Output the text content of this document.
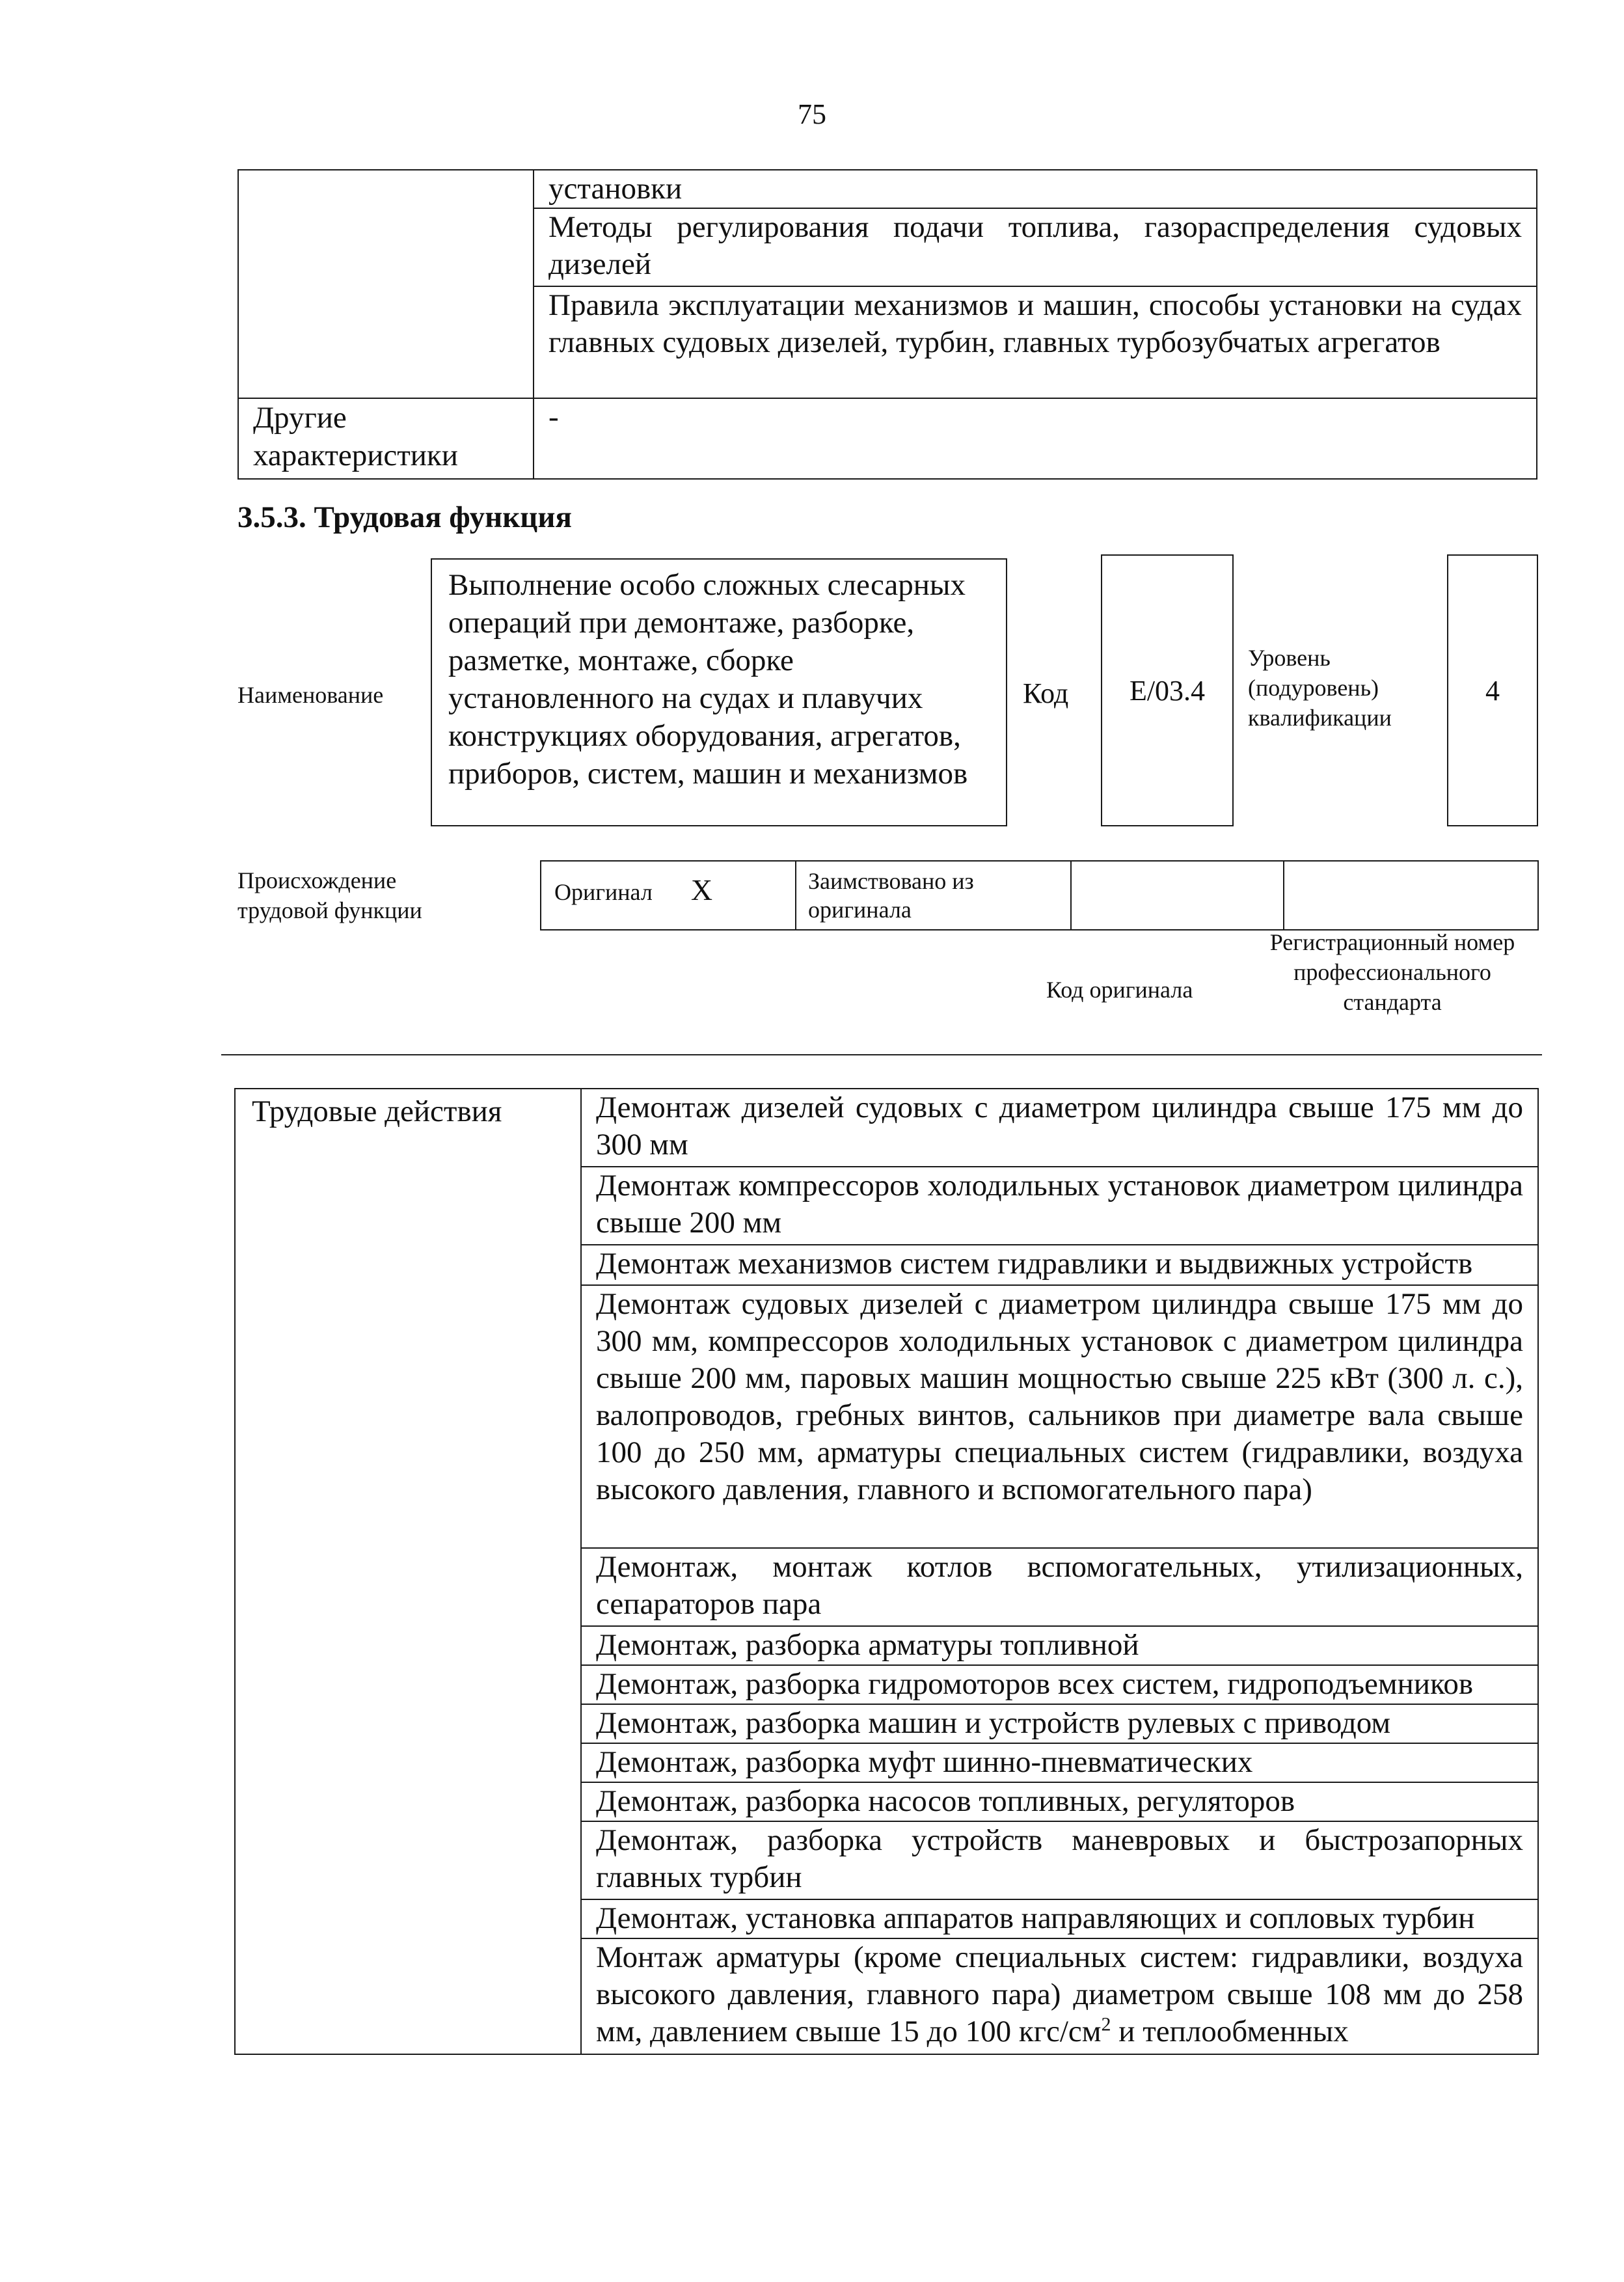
75
	установки
	Методы регулирования подачи топлива, газораспределения судовых дизелей
	Правила эксплуатации механизмов и машин, способы установки на судах главных судовых дизелей, турбин, главных турбозубчатых агрегатов
Другие характеристики	-
3.5.3. Трудовая функция
Наименование
Выполнение особо сложных слесарных операций при демонтаже, разборке, разметке, монтаже, сборке установленного на судах и плавучих конструкциях оборудования, агрегатов, приборов, систем, машин и механизмов
Код E/03.4
Уровень (подуровень) квалификации
4
Происхождение трудовой функции
Оригинал X	Заимствовано из оригинала		
Код оригинала
Регистрационный номер профессионального стандарта
Трудовые действия	Демонтаж дизелей судовых с диаметром цилиндра свыше 175 мм до 300 мм
Демонтаж компрессоров холодильных установок диаметром цилиндра свыше 200 мм
Демонтаж механизмов систем гидравлики и выдвижных устройств
Демонтаж судовых дизелей с диаметром цилиндра свыше 175 мм до 300 мм, компрессоров холодильных установок с диаметром цилиндра свыше 200 мм, паровых машин мощностью свыше 225 кВт (300 л. с.), валопроводов, гребных винтов, сальников при диаметре вала свыше 100 до 250 мм, арматуры специальных систем (гидравлики, воздуха высокого давления, главного и вспомогательного пара)
Демонтаж, монтаж котлов вспомогательных, утилизационных, сепараторов пара
Демонтаж, разборка арматуры топливной
Демонтаж, разборка гидромоторов всех систем, гидроподъемников
Демонтаж, разборка машин и устройств рулевых с приводом
Демонтаж, разборка муфт шинно-пневматических
Демонтаж, разборка насосов топливных, регуляторов
Демонтаж, разборка устройств маневровых и быстрозапорных главных турбин
Демонтаж, установка аппаратов направляющих и сопловых турбин
Монтаж арматуры (кроме специальных систем: гидравлики, воздуха высокого давления, главного пара) диаметром свыше 108 мм до 258 мм, давлением свыше 15 до 100 кгс/$см^2$ и теплообменных
